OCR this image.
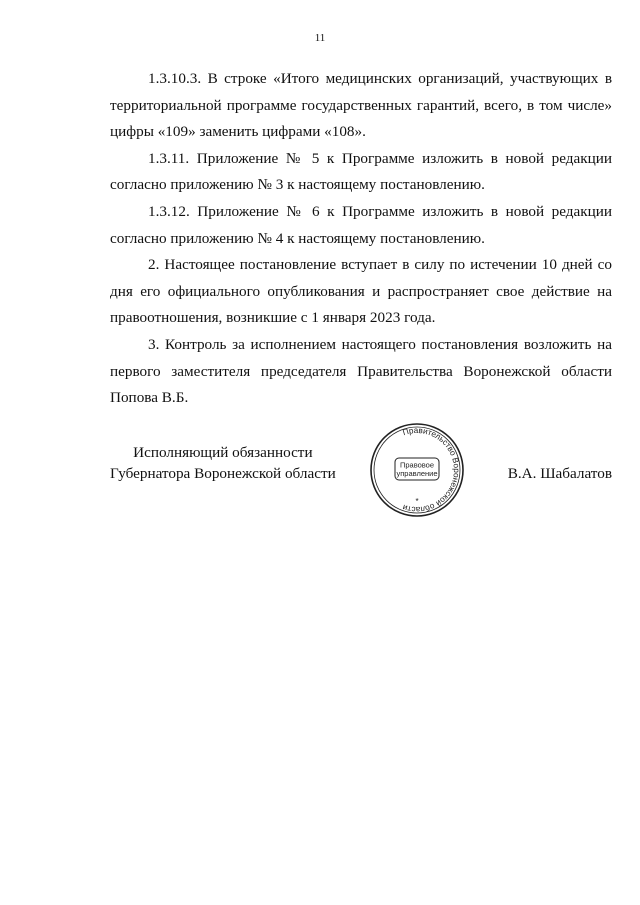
11

1.3.10.3. В строке «Итого медицинских организаций, участвующих в территориальной программе государственных гарантий, всего, в том числе» цифры «109» заменить цифрами «108».

1.3.11. Приложение № 5 к Программе изложить в новой редакции согласно приложению № 3 к настоящему постановлению.

1.3.12. Приложение № 6 к Программе изложить в новой редакции согласно приложению № 4 к настоящему постановлению.

2. Настоящее постановление вступает в силу по истечении 10 дней со дня его официального опубликования и распространяет свое действие на правоотношения, возникшие с 1 января 2023 года.

3. Контроль за исполнением настоящего постановления возложить на первого заместителя председателя Правительства Воронежской области Попова В.Б.

Исполняющий обязанности
Губернатора Воронежской области
Правительство Воронежской области
Правовое
управление
*
В.А. Шабалатов
